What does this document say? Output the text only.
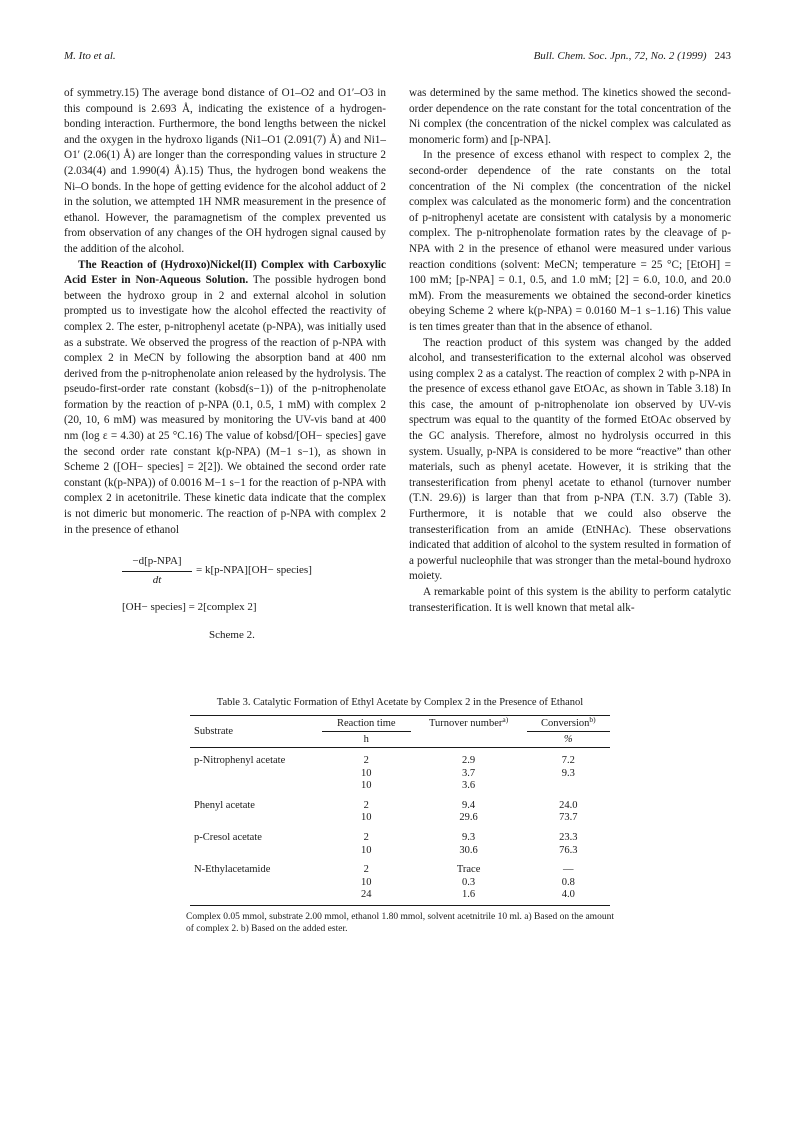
M. Ito et al.	Bull. Chem. Soc. Jpn., 72, No. 2 (1999) 243

of symmetry.15) The average bond distance of O1–O2 and O1′–O3 in this compound is 2.693 Å, indicating the existence of a hydrogen-bonding interaction. Furthermore, the bond lengths between the nickel and the oxygen in the hydroxo ligands (Ni1–O1 (2.091(7) Å) and Ni1–O1′ (2.06(1) Å) are longer than the corresponding values in structure 2 (2.034(4) and 1.990(4) Å).15) Thus, the hydrogen bond weakens the Ni–O bonds. In the hope of getting evidence for the alcohol adduct of 2 in the solution, we attempted 1H NMR measurement in the presence of ethanol. However, the paramagnetism of the complex prevented us from observation of any changes of the OH hydrogen signal caused by the addition of the alcohol.

The Reaction of (Hydroxo)Nickel(II) Complex with Carboxylic Acid Ester in Non-Aqueous Solution. The possible hydrogen bond between the hydroxo group in 2 and external alcohol in solution prompted us to investigate how the alcohol effected the reactivity of complex 2. The ester, p-nitrophenyl acetate (p-NPA), was initially used as a substrate. We observed the progress of the reaction of p-NPA with complex 2 in MeCN by following the absorption band at 400 nm derived from the p-nitrophenolate anion released by the hydrolysis. The pseudo-first-order rate constant (kobsd(s−1)) of the p-nitrophenolate formation by the reaction of p-NPA (0.1, 0.5, 1 mM) with complex 2 (20, 10, 6 mM) was measured by monitoring the UV-vis band at 400 nm (log ε = 4.30) at 25 °C.16) The value of kobsd/[OH− species] gave the second order rate constant k(p-NPA) (M−1 s−1), as shown in Scheme 2 ([OH− species] = 2[2]). We obtained the second order rate constant (k(p-NPA)) of 0.0016 M−1 s−1 for the reaction of p-NPA with complex 2 in acetonitrile. These kinetic data indicate that the complex is not dimeric but monomeric. The reaction of p-NPA with complex 2 in the presence of ethanol

−d[p-NPA]
dt
= k[p-NPA][OH− species]
[OH− species] = 2[complex 2]
Scheme 2.

was determined by the same method. The kinetics showed the second-order dependence on the rate constant for the total concentration of the Ni complex (the concentration of the nickel complex was calculated as monomeric form) and [p-NPA].

In the presence of excess ethanol with respect to complex 2, the second-order dependence of the rate constants on the total concentration of the Ni complex (the concentration of the nickel complex was calculated as the monomeric form) and the concentration of p-nitrophenyl acetate are consistent with catalysis by a monomeric complex. The p-nitrophenolate formation rates by the cleavage of p-NPA with 2 in the presence of ethanol were measured under various reaction conditions (solvent: MeCN; temperature = 25 °C; [EtOH] = 100 mM; [p-NPA] = 0.1, 0.5, and 1.0 mM; [2] = 6.0, 10.0, and 20.0 mM). From the measurements we obtained the second-order kinetics obeying Scheme 2 where k(p-NPA) = 0.0160 M−1 s−1.16) This value is ten times greater than that in the absence of ethanol.

The reaction product of this system was changed by the added alcohol, and transesterification to the external alcohol was observed using complex 2 as a catalyst. The reaction of complex 2 with p-NPA in the presence of excess ethanol gave EtOAc, as shown in Table 3.18) In this case, the amount of p-nitrophenolate ion observed by UV-vis spectrum was equal to the quantity of the formed EtOAc observed by the GC analysis. Therefore, almost no hydrolysis occurred in this system. Usually, p-NPA is considered to be more “reactive” than other materials, such as phenyl acetate. However, it is striking that the transesterification from phenyl acetate to ethanol (turnover number (T.N. 29.6)) is larger than that from p-NPA (T.N. 3.7) (Table 3). Furthermore, it is notable that we could also observe the transesterification from an amide (EtNHAc). These observations indicated that addition of alcohol to the system resulted in formation of a powerful nucleophile that was stronger than the metal-bound hydroxo moiety.

A remarkable point of this system is the ability to perform catalytic transesterification. It is well known that metal alk-

Table 3. Catalytic Formation of Ethyl Acetate by Complex 2 in the Presence of Ethanol
Substrate	Reaction time	Turnover number$^{a)}$	Conversion$^{b)}$
	h		%
p-Nitrophenyl acetate	2	2.9	7.2
	10	3.7	9.3
	10	3.6	
Phenyl acetate	2	9.4	24.0
	10	29.6	73.7
p-Cresol acetate	2	9.3	23.3
	10	30.6	76.3
N-Ethylacetamide	2	Trace	—
	10	0.3	0.8
	24	1.6	4.0
Complex 0.05 mmol, substrate 2.00 mmol, ethanol 1.80 mmol, solvent acetnitrile 10 ml. a) Based on the amount of complex 2. b) Based on the added ester.
